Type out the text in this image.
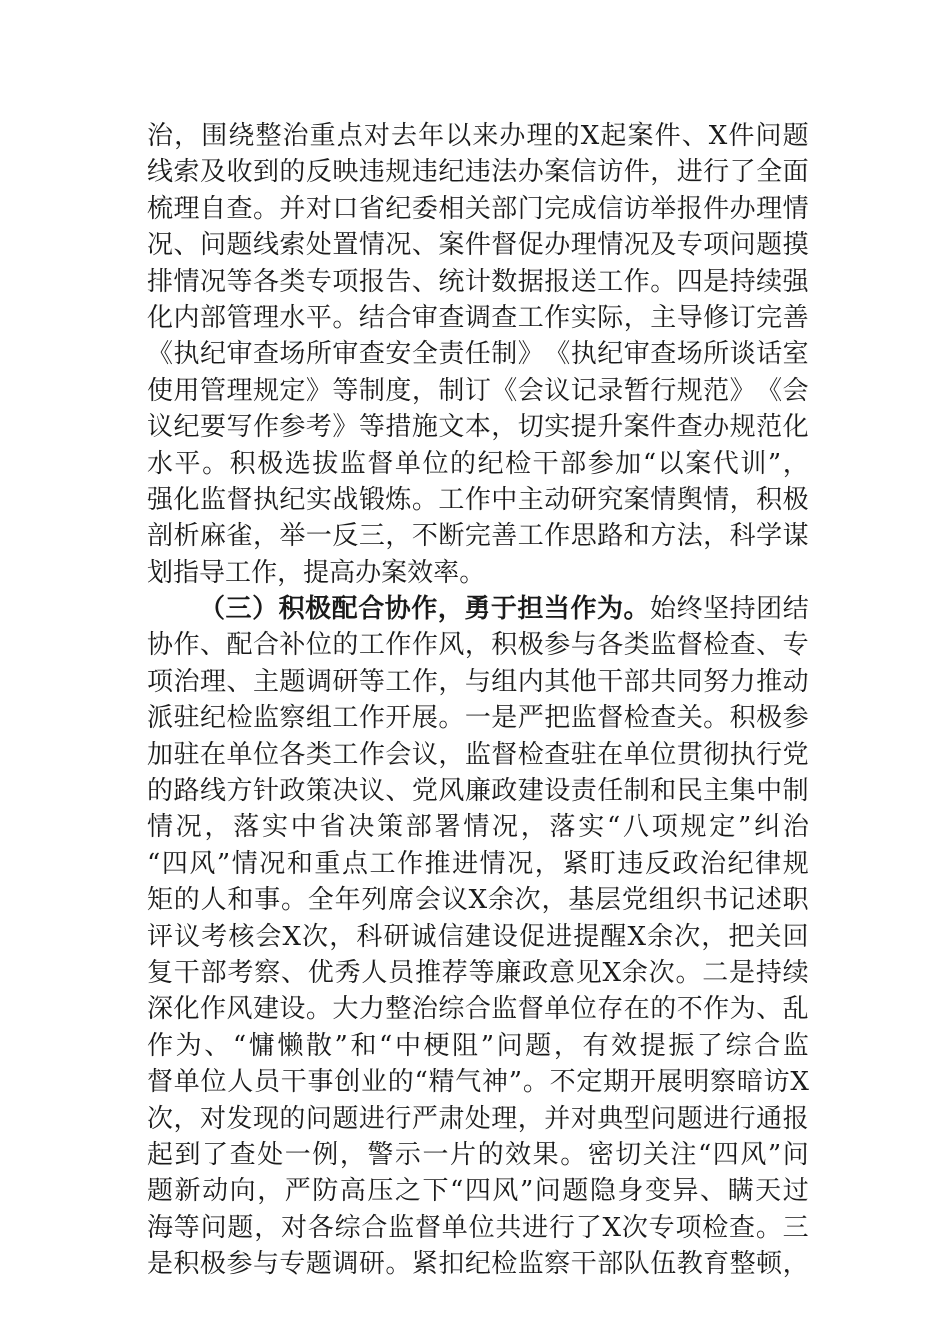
治 ， 围 绕 整 治 重 点 对 去 年 以 来 办 理 的 X 起 案 件 、 X 件 问 题
线 索 及 收 到 的 反 映 违 规 违 纪 违 法 办 案 信 访 件 ， 进 行 了 全 面
梳 理 自 查 。 并 对 口 省 纪 委 相 关 部 门 完 成 信 访 举 报 件 办 理 情
况 、 问 题 线 索 处 置 情 况 、 案 件 督 促 办 理 情 况 及 专 项 问 题 摸
排 情 况 等 各 类 专 项 报 告 、 统 计 数 据 报 送 工 作 。 四 是 持 续 强
化 内 部 管 理 水 平 。 结 合 审 查 调 查 工 作 实 际 ， 主 导 修 订 完 善
《 执 纪 审 查 场 所 审 查 安 全 责 任 制 》 《 执 纪 审 查 场 所 谈 话 室
使 用 管 理 规 定 》 等 制 度 ， 制 订 《 会 议 记 录 暂 行 规 范 》 《 会
议 纪 要 写 作 参 考 》 等 措 施 文 本 ， 切 实 提 升 案 件 查 办 规 范 化
水 平 。 积 极 选 拔 监 督 单 位 的 纪 检 干 部 参 加 “ 以 案 代 训 ” ，
强 化 监 督 执 纪 实 战 锻 炼 。 工 作 中 主 动 研 究 案 情 舆 情 ， 积 极
剖 析 麻 雀 ， 举 一 反 三 ， 不 断 完 善 工 作 思 路 和 方 法 ， 科 学 谋
划 指 导 工 作 ， 提 高 办 案 效 率 。
（ 三 ） 积 极 配 合 协 作 ， 勇 于 担 当 作 为 。 始 终 坚 持 团 结
协 作 、 配 合 补 位 的 工 作 作 风 ， 积 极 参 与 各 类 监 督 检 查 、 专
项 治 理 、 主 题 调 研 等 工 作 ， 与 组 内 其 他 干 部 共 同 努 力 推 动
派 驻 纪 检 监 察 组 工 作 开 展 。 一 是 严 把 监 督 检 查 关 。 积 极 参
加 驻 在 单 位 各 类 工 作 会 议 ， 监 督 检 查 驻 在 单 位 贯 彻 执 行 党
的 路 线 方 针 政 策 决 议 、 党 风 廉 政 建 设 责 任 制 和 民 主 集 中 制
情 况 ， 落 实 中 省 决 策 部 署 情 况 ， 落 实 “ 八 项 规 定 ” 纠 治
“ 四 风 ” 情 况 和 重 点 工 作 推 进 情 况 ， 紧 盯 违 反 政 治 纪 律 规
矩 的 人 和 事 。 全 年 列 席 会 议 X 余 次 ， 基 层 党 组 织 书 记 述 职
评 议 考 核 会 X 次 ， 科 研 诚 信 建 设 促 进 提 醒 X 余 次 ， 把 关 回
复 干 部 考 察 、 优 秀 人 员 推 荐 等 廉 政 意 见 X 余 次 。 二 是 持 续
深 化 作 风 建 设 。 大 力 整 治 综 合 监 督 单 位 存 在 的 不 作 为 、 乱
作 为 、 “ 慵 懒 散 ” 和 “ 中 梗 阻 ” 问 题 ， 有 效 提 振 了 综 合 监
督 单 位 人 员 干 事 创 业 的 “ 精 气 神 ” 。 不 定 期 开 展 明 察 暗 访 X
次 ， 对 发 现 的 问 题 进 行 严 肃 处 理 ， 并 对 典 型 问 题 进 行 通 报
起 到 了 查 处 一 例 ， 警 示 一 片 的 效 果 。 密 切 关 注 “ 四 风 ” 问
题 新 动 向 ， 严 防 高 压 之 下 “ 四 风 ” 问 题 隐 身 变 异 、 瞒 天 过
海 等 问 题 ， 对 各 综 合 监 督 单 位 共 进 行 了 X 次 专 项 检 查 。 三
是 积 极 参 与 专 题 调 研 。 紧 扣 纪 检 监 察 干 部 队 伍 教 育 整 顿 ，
